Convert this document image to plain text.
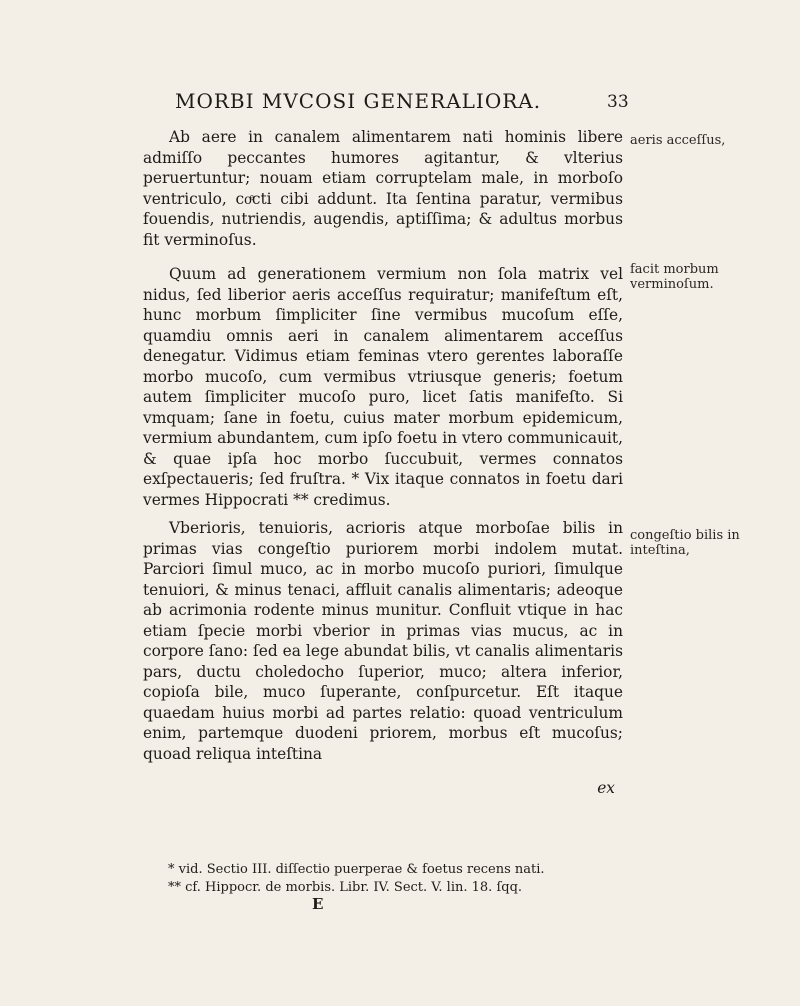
MORBI MVCOSI GENERALIORA.	33

Ab aere in canalem alimentarem nati hominis libere admiſſo peccantes humores agitantur, & vlterius peruertuntur; nouam etiam corruptelam male, in morboſo ventriculo, coͤcti cibi addunt. Ita ſentina paratur, vermibus fouendis, nutriendis, augendis, aptiſſima; & adultus morbus fit verminoſus.

Quum ad generationem vermium non ſola matrix vel nidus, ſed liberior aeris acceſſus requiratur; manifeſtum eſt, hunc morbum ſimpliciter ſine vermibus mucoſum eſſe, quamdiu omnis aeri in canalem alimentarem acceſſus denegatur. Vidimus etiam feminas vtero gerentes laboraſſe morbo mucoſo, cum vermibus vtriusque generis; foetum autem ſimpliciter mucoſo puro, licet ſatis manifeſto. Si vmquam; ſane in foetu, cuius mater morbum epidemicum, vermium abundantem, cum ipſo foetu in vtero communicauit, & quae ipſa hoc morbo ſuccubuit, vermes connatos exſpectaueris; ſed fruſtra. * Vix itaque connatos in foetu dari vermes Hippocrati ** credimus.

Vberioris, tenuioris, acrioris atque morboſae bilis in primas vias congeſtio puriorem morbi indolem mutat. Parciori ſimul muco, ac in morbo mucoſo puriori, ſimulque tenuiori, & minus tenaci, affluit canalis alimentaris; adeoque ab acrimonia rodente minus munitur. Confluit vtique in hac etiam ſpecie morbi vberior in primas vias mucus, ac in corpore ſano: ſed ea lege abundat bilis, vt canalis alimentaris pars, ductu choledocho ſuperior, muco; altera inferior, copioſa bile, muco ſuperante, conſpurcetur. Eſt itaque quaedam huius morbi ad partes relatio: quoad ventriculum enim, partemque duodeni priorem, morbus eſt mucoſus; quoad reliqua inteſtina

ex
aeris acceſſus,
facit morbum verminoſum.
congeſtio bilis in inteſtina,
* vid. Sectio III. diſſectio puerperae & foetus recens nati.
** cf. Hippocr. de morbis. Libr. IV. Sect. V. lin. 18. ſqq.
E
